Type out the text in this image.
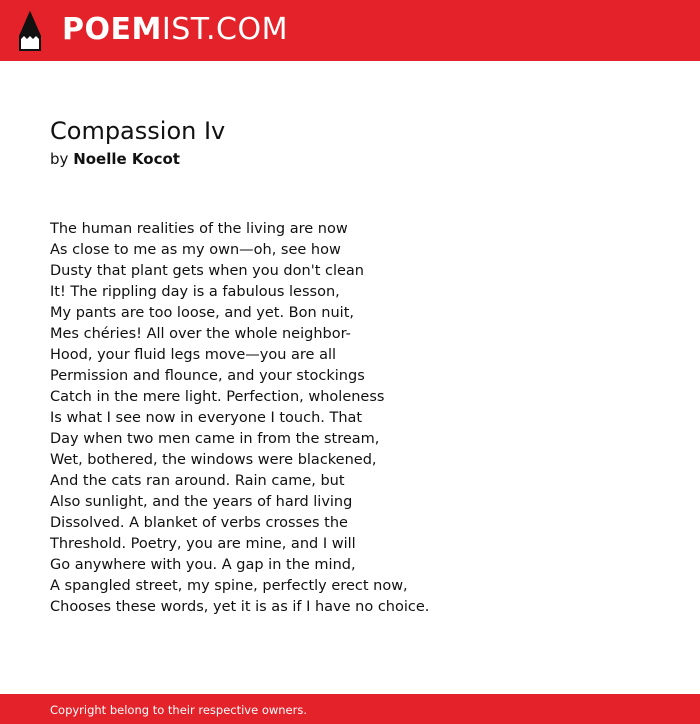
POEMIST.COM
Compassion Iv
by Noelle Kocot
The human realities of the living are now
As close to me as my own—oh, see how
Dusty that plant gets when you don't clean
It! The rippling day is a fabulous lesson,
My pants are too loose, and yet. Bon nuit,
Mes chéries! All over the whole neighbor-
Hood, your fluid legs move—you are all
Permission and flounce, and your stockings
Catch in the mere light. Perfection, wholeness
Is what I see now in everyone I touch. That
Day when two men came in from the stream,
Wet, bothered, the windows were blackened,
And the cats ran around. Rain came, but
Also sunlight, and the years of hard living
Dissolved. A blanket of verbs crosses the
Threshold. Poetry, you are mine, and I will
Go anywhere with you. A gap in the mind,
A spangled street, my spine, perfectly erect now,
Chooses these words, yet it is as if I have no choice.
Copyright belong to their respective owners.
